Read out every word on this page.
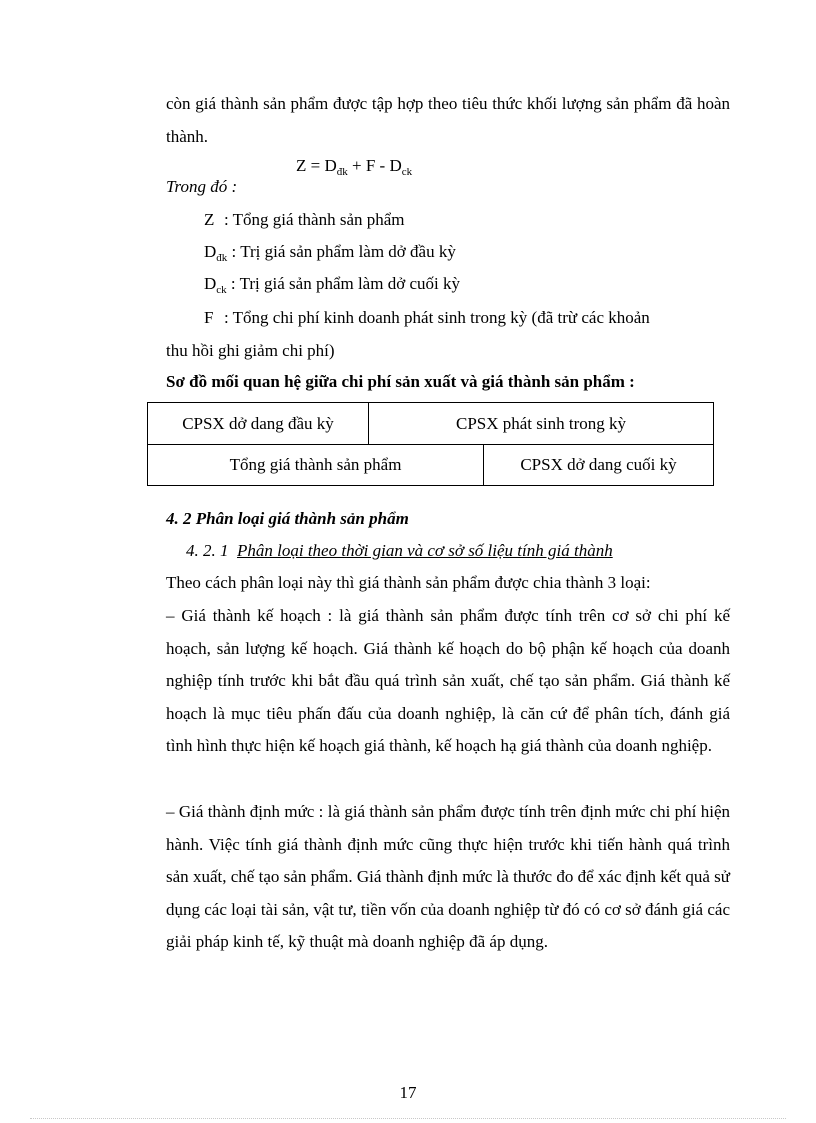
còn giá thành sản phẩm được tập hợp theo tiêu thức khối lượng sản phẩm đã hoàn thành.

$Z = D_{đk} + F - D_{ck}$
Trong đó :
Z : Tổng giá thành sản phẩm
$D_{đk}$ : Trị giá sản phẩm làm dở đầu kỳ
$D_{ck}$ : Trị giá sản phẩm làm dở cuối kỳ
F : Tổng chi phí kinh doanh phát sinh trong kỳ (đã trừ các khoản
thu hồi ghi giảm chi phí)
Sơ đồ mối quan hệ giữa chi phí sản xuất và giá thành sản phẩm :
CPSX dở dang đầu kỳ	CPSX phát sinh trong kỳ
Tổng giá thành sản phẩm	CPSX dở dang cuối kỳ
4. 2 Phân loại giá thành sản phẩm
4. 2. 1 Phân loại theo thời gian và cơ sở số liệu tính giá thành
Theo cách phân loại này thì giá thành sản phẩm được chia thành 3 loại:

– Giá thành kế hoạch : là giá thành sản phẩm được tính trên cơ sở chi phí kế hoạch, sản lượng kế hoạch. Giá thành kế hoạch do bộ phận kế hoạch của doanh nghiệp tính trước khi bắt đầu quá trình sản xuất, chế tạo sản phẩm. Giá thành kế hoạch là mục tiêu phấn đấu của doanh nghiệp, là căn cứ để phân tích, đánh giá tình hình thực hiện kế hoạch giá thành, kế hoạch hạ giá thành của doanh nghiệp.

– Giá thành định mức : là giá thành sản phẩm được tính trên định mức chi phí hiện hành. Việc tính giá thành định mức cũng thực hiện trước khi tiến hành quá trình sản xuất, chế tạo sản phẩm. Giá thành định mức là thước đo để xác định kết quả sử dụng các loại tài sản, vật tư, tiền vốn của doanh nghiệp từ đó có cơ sở đánh giá các giải pháp kinh tế, kỹ thuật mà doanh nghiệp đã áp dụng.

17
